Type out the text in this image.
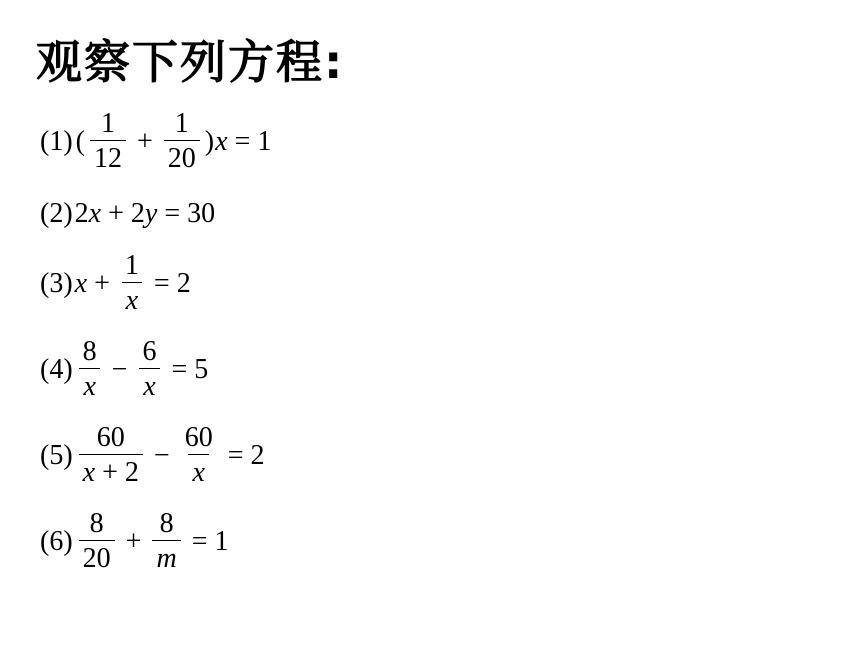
观察下列方程:
(1) ( $\frac{1}{12} + \frac{1}{20}$ ) x = 1
(2) 2 x + 2 y = 30
(3) $x + \frac{1}{x} = 2$
$(4) \frac{8}{x} - \frac{6}{x} = 5$
$(5) \frac{60}{x + 2} - \frac{60}{x} = 2$
$(6) \frac{8}{20} + \frac{8}{m} = 1$
